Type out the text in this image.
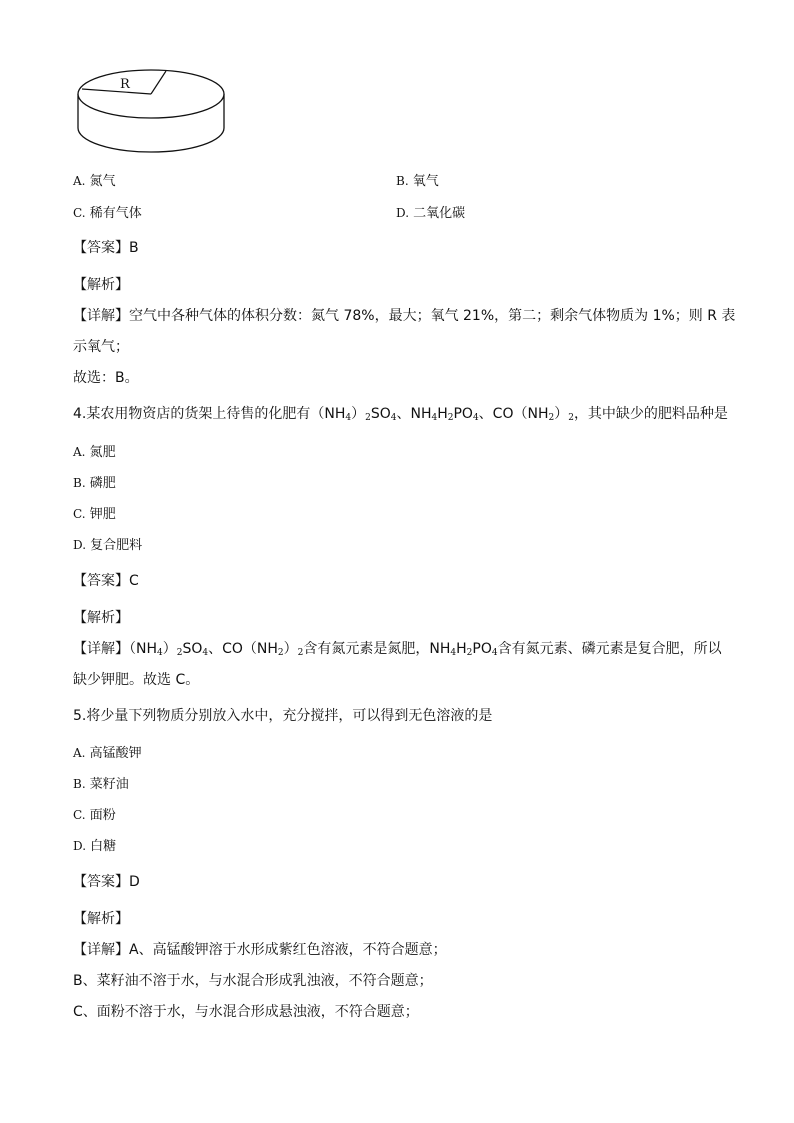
R
A. 氮气	B. 氧气
C. 稀有气体	D. 二氧化碳
【答案】B
【解析】
【详解】空气中各种气体的体积分数：氮气 78%，最大；氧气 21%，第二；剩余气体物质为 1%；则 R 表
示氧气；
故选：B。
4.某农用物资店的货架上待售的化肥有$(NH_4)_2SO_4$、$NH_4H_2PO_4$、$CO(NH_2)_2$，其中缺少的肥料品种是
A. 氮肥
B. 磷肥
C. 钾肥
D. 复合肥料
【答案】C
【解析】
【详解】$(NH_4)_2SO_4$、$CO(NH_2)_2$含有氮元素是氮肥，$NH_4H_2PO_4$含有氮元素、磷元素是复合肥，所以
缺少钾肥。故选 C。
5.将少量下列物质分别放入水中，充分搅拌，可以得到无色溶液的是
A. 高锰酸钾
B. 菜籽油
C. 面粉
D. 白糖
【答案】D
【解析】
【详解】A、高锰酸钾溶于水形成紫红色溶液，不符合题意；
B、菜籽油不溶于水，与水混合形成乳浊液，不符合题意；
C、面粉不溶于水，与水混合形成悬浊液，不符合题意；
